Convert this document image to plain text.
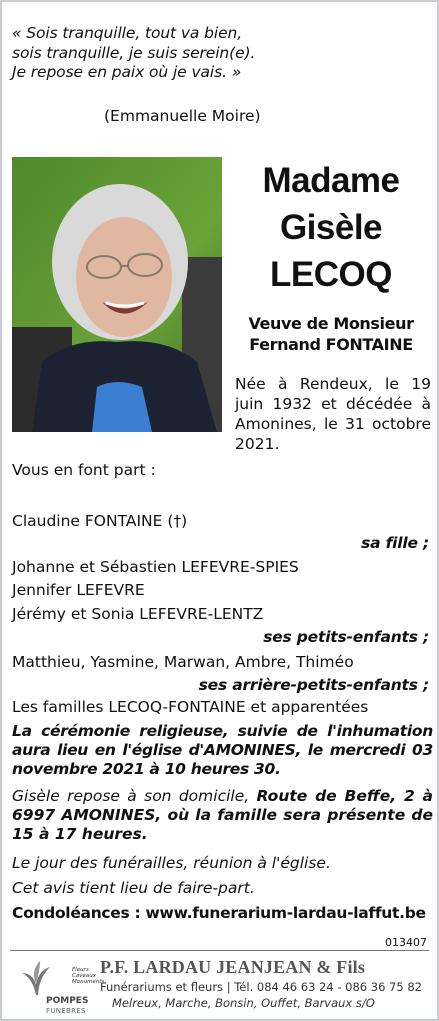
« Sois tranquille, tout va bien,
sois tranquille, je suis serein(e).
Je repose en paix où je vais. »
(Emmanuelle Moire)
Madame
Gisèle
LECOQ
Veuve de Monsieur
Fernand FONTAINE
Née à Rendeux, le 19 juin 1932 et décédée à Amonines, le 31 octobre 2021.
Vous en font part :
Claudine FONTAINE (†)
sa fille ;
Johanne et Sébastien LEFEVRE-SPIES
Jennifer LEFEVRE
Jérémy et Sonia LEFEVRE-LENTZ
ses petits-enfants ;
Matthieu, Yasmine, Marwan, Ambre, Thiméo
ses arrière-petits-enfants ;
Les familles LECOQ-FONTAINE et apparentées
La cérémonie religieuse, suivie de l'inhumation aura lieu en l'église d'AMONINES, le mercredi 03 novembre 2021 à 10 heures 30.
Gisèle repose à son domicile, Route de Beffe, 2 à 6997 AMONINES, où la famille sera présente de 15 à 17 heures.
Le jour des funérailles, réunion à l'église.
Cet avis tient lieu de faire-part.
Condoléances : www.funerarium-lardau-laffut.be
013407
Fleurs
Caveaux
Monuments
POMPES
FUNEBRES
P.F. LARDAU JEANJEAN & Fils
Funérariums et fleurs | Tél. 084 46 63 24 - 086 36 75 82
Melreux, Marche, Bonsin, Ouffet, Barvaux s/O
